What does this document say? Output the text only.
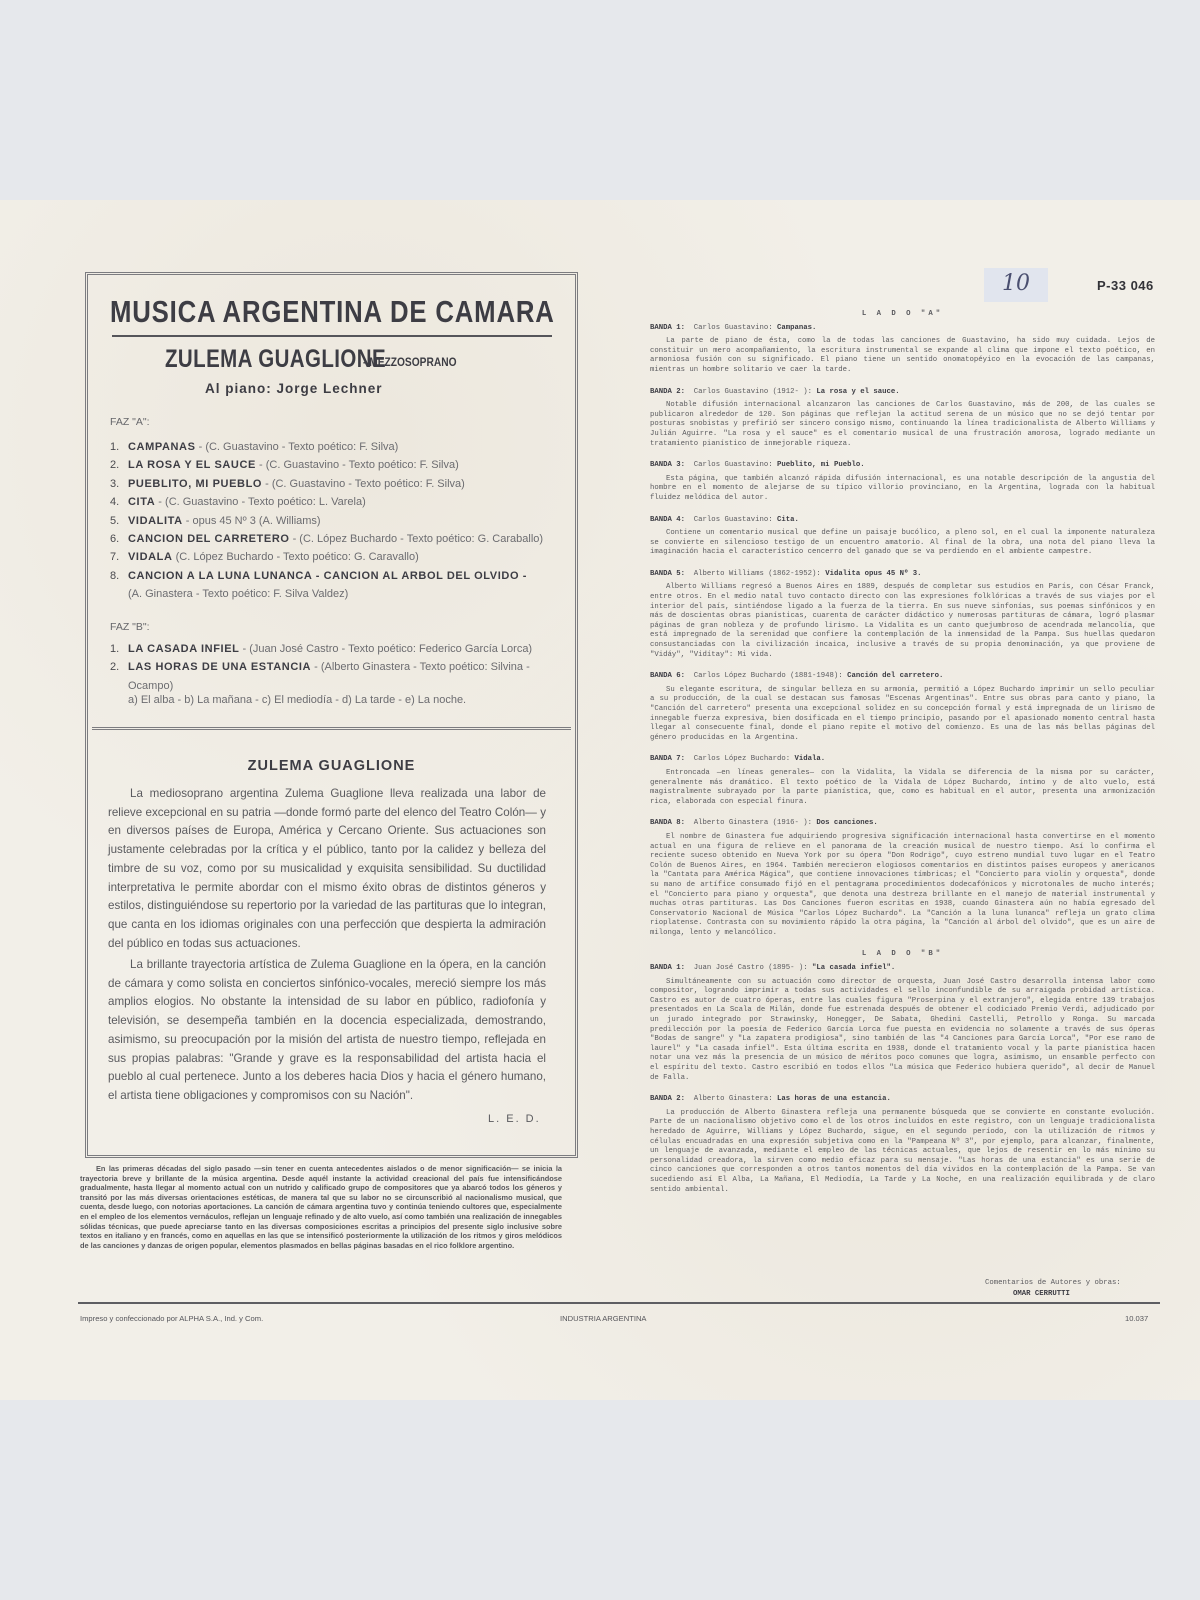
MUSICA ARGENTINA DE CAMARA
ZULEMA GUAGLIONE
- MEZZOSOPRANO
Al piano: Jorge Lechner
FAZ "A":
1. CAMPANAS - (C. Guastavino - Texto poético: F. Silva)
2. LA ROSA Y EL SAUCE - (C. Guastavino - Texto poético: F. Silva)
3. PUEBLITO, MI PUEBLO - (C. Guastavino - Texto poético: F. Silva)
4. CITA - (C. Guastavino - Texto poético: L. Varela)
5. VIDALITA - opus 45 Nº 3 (A. Williams)
6. CANCION DEL CARRETERO - (C. López Buchardo - Texto poético: G. Caraballo)
7. VIDALA (C. López Buchardo - Texto poético: G. Caravallo)
8. CANCION A LA LUNA LUNANCA - CANCION AL ARBOL DEL OLVIDO -
(A. Ginastera - Texto poético: F. Silva Valdez)
FAZ "B":
1. LA CASADA INFIEL - (Juan José Castro - Texto poético: Federico García Lorca)
2. LAS HORAS DE UNA ESTANCIA - (Alberto Ginastera - Texto poético: Silvina -
Ocampo)
a) El alba - b) La mañana - c) El mediodía - d) La tarde - e) La noche.
ZULEMA GUAGLIONE
La mediosoprano argentina Zulema Guaglione lleva realizada una labor de relieve excepcional en su patria —donde formó parte del elenco del Teatro Colón— y en diversos países de Europa, América y Cercano Oriente. Sus actuaciones son justamente celebradas por la crítica y el público, tanto por la calidez y belleza del timbre de su voz, como por su musicalidad y exquisita sensibilidad. Su ductilidad interpretativa le permite abordar con el mismo éxito obras de distintos géneros y estilos, distinguiéndose su repertorio por la variedad de las partituras que lo integran, que canta en los idiomas originales con una perfección que despierta la admiración del público en todas sus actuaciones.
La brillante trayectoria artística de Zulema Guaglione en la ópera, en la canción de cámara y como solista en conciertos sinfónico-vocales, mereció siempre los más amplios elogios. No obstante la intensidad de su labor en público, radiofonía y televisión, se desempeña también en la docencia especializada, demostrando, asimismo, su preocupación por la misión del artista de nuestro tiempo, reflejada en sus propias palabras: "Grande y grave es la responsabilidad del artista hacia el pueblo al cual pertenece. Junto a los deberes hacia Dios y hacia el género humano, el artista tiene obligaciones y compromisos con su Nación".
L. E. D.
En las primeras décadas del siglo pasado —sin tener en cuenta antecedentes aislados o de menor significación— se inicia la trayectoria breve y brillante de la música argentina. Desde aquél instante la actividad creacional del país fue intensificándose gradualmente, hasta llegar al momento actual con un nutrido y calificado grupo de compositores que ya abarcó todos los géneros y transitó por las más diversas orientaciones estéticas, de manera tal que su labor no se circunscribió al nacionalismo musical, que cuenta, desde luego, con notorias aportaciones. La canción de cámara argentina tuvo y continúa teniendo cultores que, especialmente en el empleo de los elementos vernáculos, reflejan un lenguaje refinado y de alto vuelo, así como también una realización de innegables sólidas técnicas, que puede apreciarse tanto en las diversas composiciones escritas a principios del presente siglo inclusive sobre textos en italiano y en francés, como en aquellas en las que se intensificó posteriormente la utilización de los ritmos y giros melódicos de las canciones y danzas de origen popular, elementos plasmados en bellas páginas basadas en el rico folklore argentino.
10	P-33 046
L A D O "A"
BANDA 1: Carlos Guastavino: Campanas.
La parte de piano de ésta, como la de todas las canciones de Guastavino, ha sido muy cuidada. Lejos de constituir un mero acompañamiento, la escritura instrumental se expande al clima que impone el texto poético, en armoniosa fusión con su significado. El piano tiene un sentido onomatopéyico en la evocación de las campanas, mientras un hombre solitario ve caer la tarde.
BANDA 2: Carlos Guastavino (1912- ): La rosa y el sauce.
Notable difusión internacional alcanzaron las canciones de Carlos Guastavino, más de 200, de las cuales se publicaron alrededor de 120. Son páginas que reflejan la actitud serena de un músico que no se dejó tentar por posturas snobistas y prefirió ser sincero consigo mismo, continuando la línea tradicionalista de Alberto Williams y Julián Aguirre. "La rosa y el sauce" es el comentario musical de una frustración amorosa, logrado mediante un tratamiento pianístico de inmejorable riqueza.
BANDA 3: Carlos Guastavino: Pueblito, mi Pueblo.
Esta página, que también alcanzó rápida difusión internacional, es una notable descripción de la angustia del hombre en el momento de alejarse de su típico villorio provinciano, en la Argentina, lograda con la habitual fluidez melódica del autor.
BANDA 4: Carlos Guastavino: Cita.
Contiene un comentario musical que define un paisaje bucólico, a pleno sol, en el cual la imponente naturaleza se convierte en silencioso testigo de un encuentro amatorio. Al final de la obra, una nota del piano lleva la imaginación hacia el característico cencerro del ganado que se va perdiendo en el ambiente campestre.
BANDA 5: Alberto Williams (1862-1952): Vidalita opus 45 Nº 3.
Alberto Williams regresó a Buenos Aires en 1889, después de completar sus estudios en París, con César Franck, entre otros. En el medio natal tuvo contacto directo con las expresiones folklóricas a través de sus viajes por el interior del país, sintiéndose ligado a la fuerza de la tierra. En sus nueve sinfonías, sus poemas sinfónicos y en más de doscientas obras pianísticas, cuarenta de carácter didáctico y numerosas partituras de cámara, logró plasmar páginas de gran nobleza y de profundo lirismo. La Vidalita es un canto quejumbroso de acendrada melancolía, que está impregnado de la serenidad que confiere la contemplación de la inmensidad de la Pampa. Sus huellas quedaron consustanciadas con la civilización incaica, inclusive a través de su propia denominación, ya que proviene de "Vidáy", "Vidítay": Mi vida.
BANDA 6: Carlos López Buchardo (1881-1948): Canción del carretero.
Su elegante escritura, de singular belleza en su armonía, permitió a López Buchardo imprimir un sello peculiar a su producción, de la cual se destacan sus famosas "Escenas Argentinas". Entre sus obras para canto y piano, la "Canción del carretero" presenta una excepcional solidez en su concepción formal y está impregnada de un lirismo de innegable fuerza expresiva, bien dosificada en el tiempo principio, pasando por el apasionado momento central hasta llegar al consecuente final, donde el piano repite el motivo del comienzo. Es una de las más bellas páginas del género producidas en la Argentina.
BANDA 7: Carlos López Buchardo: Vidala.
Entroncada —en líneas generales— con la Vidalita, la Vidala se diferencia de la misma por su carácter, generalmente más dramático. El texto poético de la Vidala de López Buchardo, íntimo y de alto vuelo, está magistralmente subrayado por la parte pianística, que, como es habitual en el autor, presenta una armonización rica, elaborada con especial finura.
BANDA 8: Alberto Ginastera (1916- ): Dos canciones.
El nombre de Ginastera fue adquiriendo progresiva significación internacional hasta convertirse en el momento actual en una figura de relieve en el panorama de la creación musical de nuestro tiempo. Así lo confirma el reciente suceso obtenido en Nueva York por su ópera "Don Rodrigo", cuyo estreno mundial tuvo lugar en el Teatro Colón de Buenos Aires, en 1964. También merecieron elogiosos comentarios en distintos países europeos y americanos la "Cantata para América Mágica", que contiene innovaciones tímbricas; el "Concierto para violín y orquesta", donde su mano de artífice consumado fijó en el pentagrama procedimientos dodecafónicos y microtonales de mucho interés; el "Concierto para piano y orquesta", que denota una destreza brillante en el manejo de material instrumental y muchas otras partituras. Las Dos Canciones fueron escritas en 1938, cuando Ginastera aún no había egresado del Conservatorio Nacional de Música "Carlos López Buchardo". La "Canción a la luna lunanca" refleja un grato clima rioplatense. Contrasta con su movimiento rápido la otra página, la "Canción al árbol del olvido", que es un aire de milonga, lento y melancólico.
L A D O "B"
BANDA 1: Juan José Castro (1895- ): "La casada infiel".
Simultáneamente con su actuación como director de orquesta, Juan José Castro desarrolla intensa labor como compositor, logrando imprimir a todas sus actividades el sello inconfundible de su arraigada probidad artística. Castro es autor de cuatro óperas, entre las cuales figura "Proserpina y el extranjero", elegida entre 139 trabajos presentados en La Scala de Milán, donde fue estrenada después de obtener el codiciado Premio Verdi, adjudicado por un jurado integrado por Strawinsky, Honegger, De Sabata, Ghedini Castelli, Petrollo y Ronga. Su marcada predilección por la poesía de Federico García Lorca fue puesta en evidencia no solamente a través de sus óperas "Bodas de sangre" y "La zapatera prodigiosa", sino también de las "4 Canciones para García Lorca", "Por ese ramo de laurel" y "La casada infiel". Esta última escrita en 1938, donde el tratamiento vocal y la parte pianística hacen notar una vez más la presencia de un músico de méritos poco comunes que logra, asimismo, un ensamble perfecto con el espíritu del texto. Castro escribió en todos ellos "La música que Federico hubiera querido", al decir de Manuel de Falla.
BANDA 2: Alberto Ginastera: Las horas de una estancia.
La producción de Alberto Ginastera refleja una permanente búsqueda que se convierte en constante evolución. Parte de un nacionalismo objetivo como el de los otros incluidos en este registro, con un lenguaje tradicionalista heredado de Aguirre, Williams y López Buchardo, sigue, en el segundo período, con la utilización de ritmos y células encuadradas en una expresión subjetiva como en la "Pampeana Nº 3", por ejemplo, para alcanzar, finalmente, un lenguaje de avanzada, mediante el empleo de las técnicas actuales, que lejos de resentir en lo más mínimo su personalidad creadora, la sirven como medio eficaz para su mensaje. "Las horas de una estancia" es una serie de cinco canciones que corresponden a otros tantos momentos del día vividos en la contemplación de la Pampa. Se van sucediendo así El Alba, La Mañana, El Mediodía, La Tarde y La Noche, en una realización equilibrada y de claro sentido ambiental.
Comentarios de Autores y obras:
OMAR CERRUTTI
Impreso y confeccionado por ALPHA S.A., Ind. y Com.	INDUSTRIA ARGENTINA	10.037
